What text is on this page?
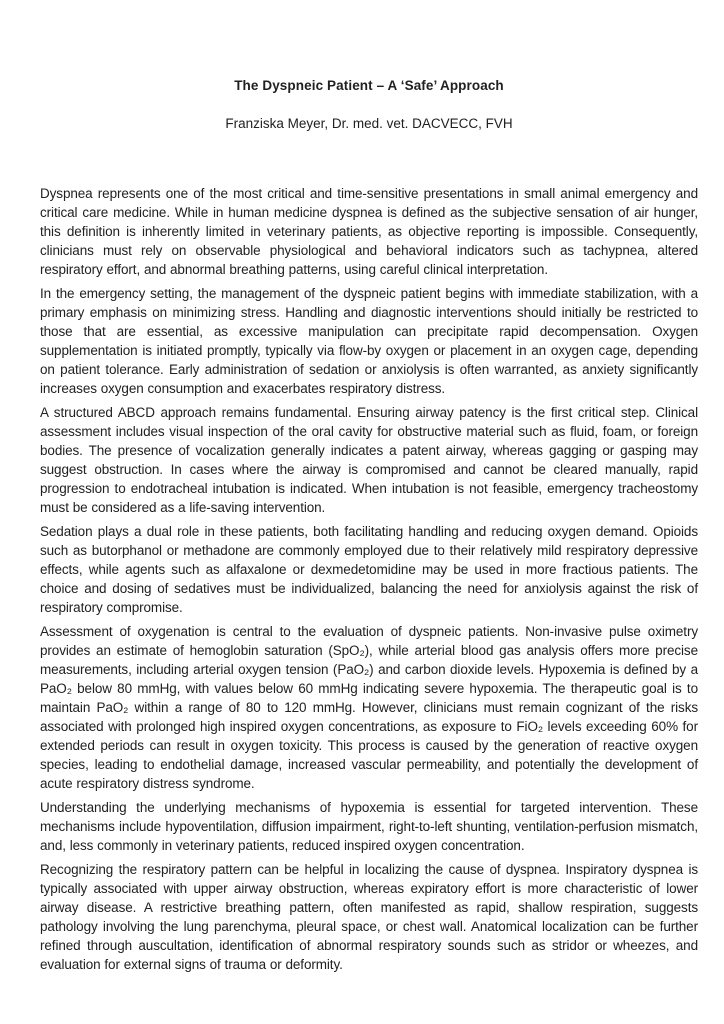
The Dyspneic Patient – A ‘Safe’ Approach
Franziska Meyer, Dr. med. vet. DACVECC, FVH

Dyspnea represents one of the most critical and time-sensitive presentations in small animal emergency and critical care medicine. While in human medicine dyspnea is defined as the subjective sensation of air hunger, this definition is inherently limited in veterinary patients, as objective reporting is impossible. Consequently, clinicians must rely on observable physiological and behavioral indicators such as tachypnea, altered respiratory effort, and abnormal breathing patterns, using careful clinical interpretation.

In the emergency setting, the management of the dyspneic patient begins with immediate stabilization, with a primary emphasis on minimizing stress. Handling and diagnostic interventions should initially be restricted to those that are essential, as excessive manipulation can precipitate rapid decompensation. Oxygen supplementation is initiated promptly, typically via flow-by oxygen or placement in an oxygen cage, depending on patient tolerance. Early administration of sedation or anxiolysis is often warranted, as anxiety significantly increases oxygen consumption and exacerbates respiratory distress.

A structured ABCD approach remains fundamental. Ensuring airway patency is the first critical step. Clinical assessment includes visual inspection of the oral cavity for obstructive material such as fluid, foam, or foreign bodies. The presence of vocalization generally indicates a patent airway, whereas gagging or gasping may suggest obstruction. In cases where the airway is compromised and cannot be cleared manually, rapid progression to endotracheal intubation is indicated. When intubation is not feasible, emergency tracheostomy must be considered as a life-saving intervention.

Sedation plays a dual role in these patients, both facilitating handling and reducing oxygen demand. Opioids such as butorphanol or methadone are commonly employed due to their relatively mild respiratory depressive effects, while agents such as alfaxalone or dexmedetomidine may be used in more fractious patients. The choice and dosing of sedatives must be individualized, balancing the need for anxiolysis against the risk of respiratory compromise.

Assessment of oxygenation is central to the evaluation of dyspneic patients. Non-invasive pulse oximetry provides an estimate of hemoglobin saturation (SpO₂), while arterial blood gas analysis offers more precise measurements, including arterial oxygen tension (PaO₂) and carbon dioxide levels. Hypoxemia is defined by a PaO₂ below 80 mmHg, with values below 60 mmHg indicating severe hypoxemia. The therapeutic goal is to maintain PaO₂ within a range of 80 to 120 mmHg. However, clinicians must remain cognizant of the risks associated with prolonged high inspired oxygen concentrations, as exposure to FiO₂ levels exceeding 60% for extended periods can result in oxygen toxicity. This process is caused by the generation of reactive oxygen species, leading to endothelial damage, increased vascular permeability, and potentially the development of acute respiratory distress syndrome.

Understanding the underlying mechanisms of hypoxemia is essential for targeted intervention. These mechanisms include hypoventilation, diffusion impairment, right-to-left shunting, ventilation-perfusion mismatch, and, less commonly in veterinary patients, reduced inspired oxygen concentration.

Recognizing the respiratory pattern can be helpful in localizing the cause of dyspnea. Inspiratory dyspnea is typically associated with upper airway obstruction, whereas expiratory effort is more characteristic of lower airway disease. A restrictive breathing pattern, often manifested as rapid, shallow respiration, suggests pathology involving the lung parenchyma, pleural space, or chest wall. Anatomical localization can be further refined through auscultation, identification of abnormal respiratory sounds such as stridor or wheezes, and evaluation for external signs of trauma or deformity.
